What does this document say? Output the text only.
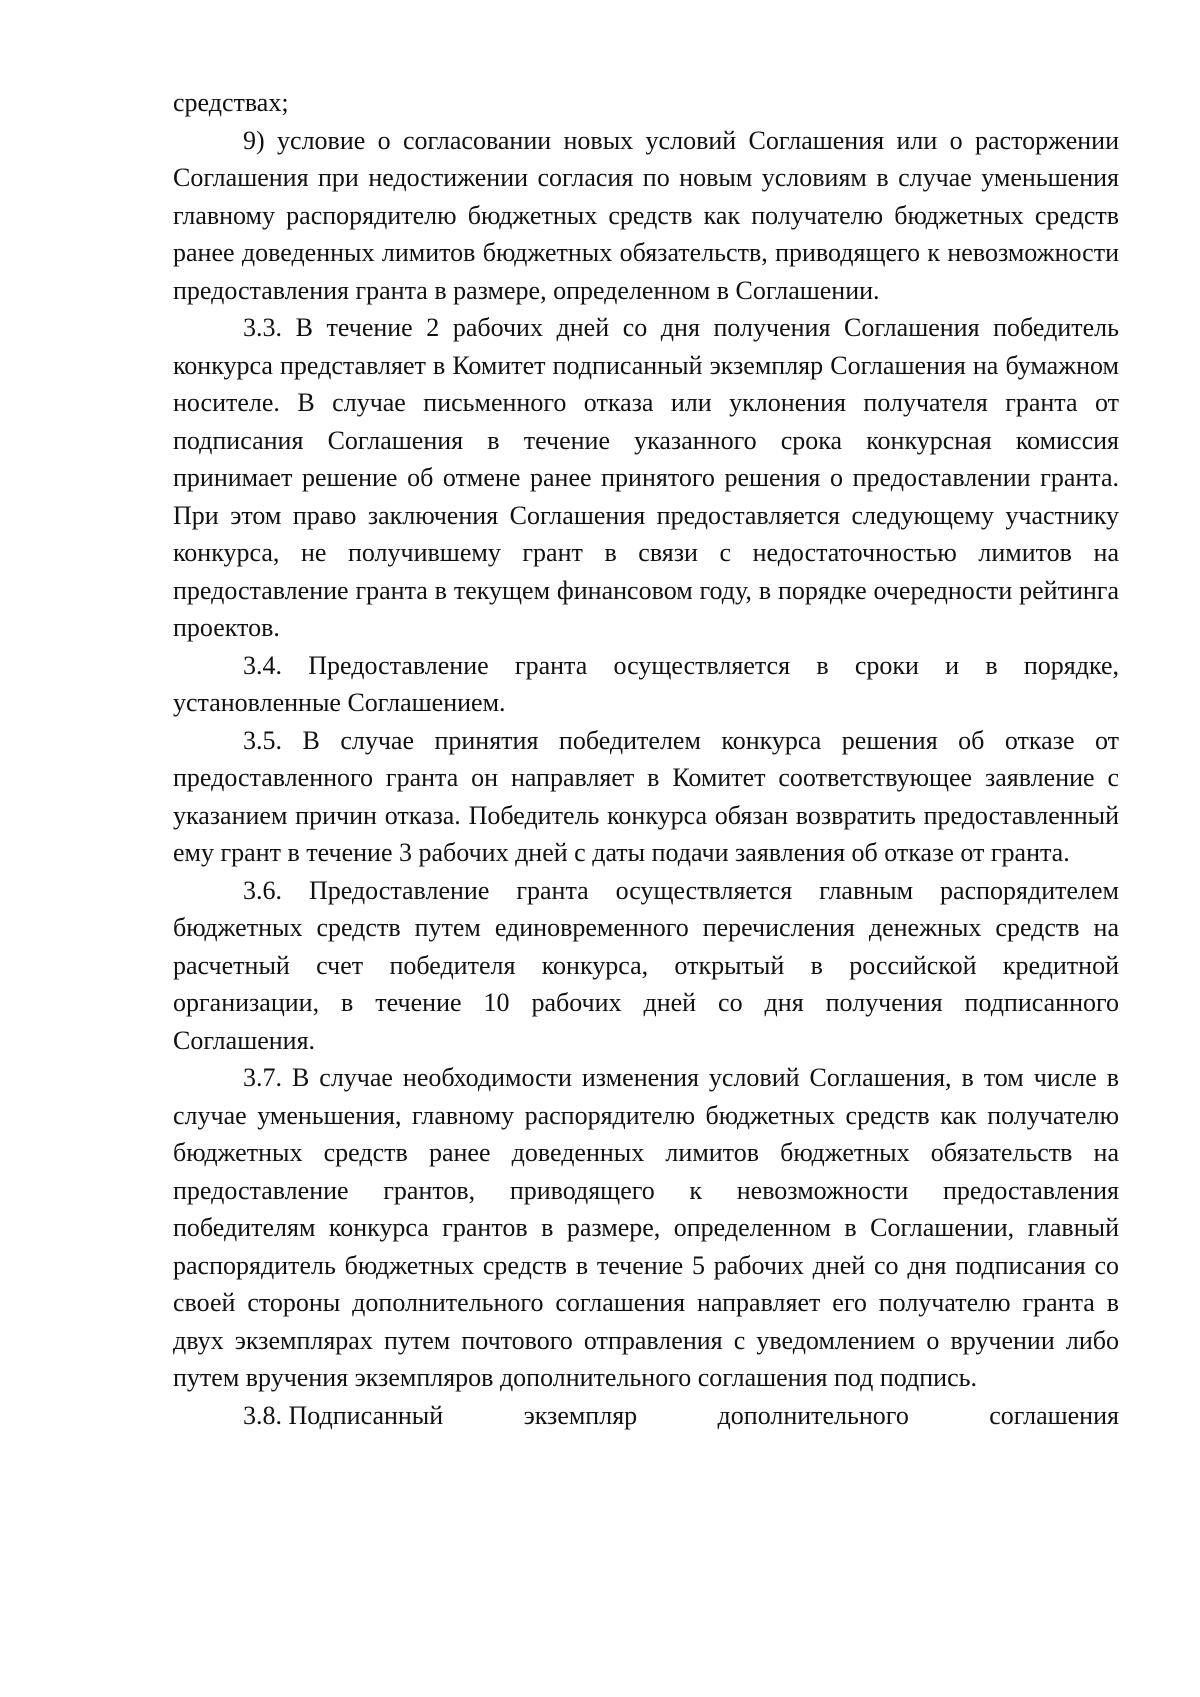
средствах;

9) условие о согласовании новых условий Соглашения или о расторжении Соглашения при недостижении согласия по новым условиям в случае уменьшения главному распорядителю бюджетных средств как получателю бюджетных средств ранее доведенных лимитов бюджетных обязательств, приводящего к невозможности предоставления гранта в размере, определенном в Соглашении.

3.3. В течение 2 рабочих дней со дня получения Соглашения победитель конкурса представляет в Комитет подписанный экземпляр Соглашения на бумажном носителе. В случае письменного отказа или уклонения получателя гранта от подписания Соглашения в течение указанного срока конкурсная комиссия принимает решение об отмене ранее принятого решения о предоставлении гранта. При этом право заключения Соглашения предоставляется следующему участнику конкурса, не получившему грант в связи с недостаточностью лимитов на предоставление гранта в текущем финансовом году, в порядке очередности рейтинга проектов.

3.4. Предоставление гранта осуществляется в сроки и в порядке, установленные Соглашением.

3.5. В случае принятия победителем конкурса решения об отказе от предоставленного гранта он направляет в Комитет соответствующее заявление с указанием причин отказа. Победитель конкурса обязан возвратить предоставленный ему грант в течение 3 рабочих дней с даты подачи заявления об отказе от гранта.

3.6. Предоставление гранта осуществляется главным распорядителем бюджетных средств путем единовременного перечисления денежных средств на расчетный счет победителя конкурса, открытый в российской кредитной организации, в течение 10 рабочих дней со дня получения подписанного Соглашения.

3.7. В случае необходимости изменения условий Соглашения, в том числе в случае уменьшения, главному распорядителю бюджетных средств как получателю бюджетных средств ранее доведенных лимитов бюджетных обязательств на предоставление грантов, приводящего к невозможности предоставления победителям конкурса грантов в размере, определенном в Соглашении, главный распорядитель бюджетных средств в течение 5 рабочих дней со дня подписания со своей стороны дополнительного соглашения направляет его получателю гранта в двух экземплярах путем почтового отправления с уведомлением о вручении либо путем вручения экземпляров дополнительного соглашения под подпись.

3.8. Подписанный	экземпляр	дополнительного	соглашения
